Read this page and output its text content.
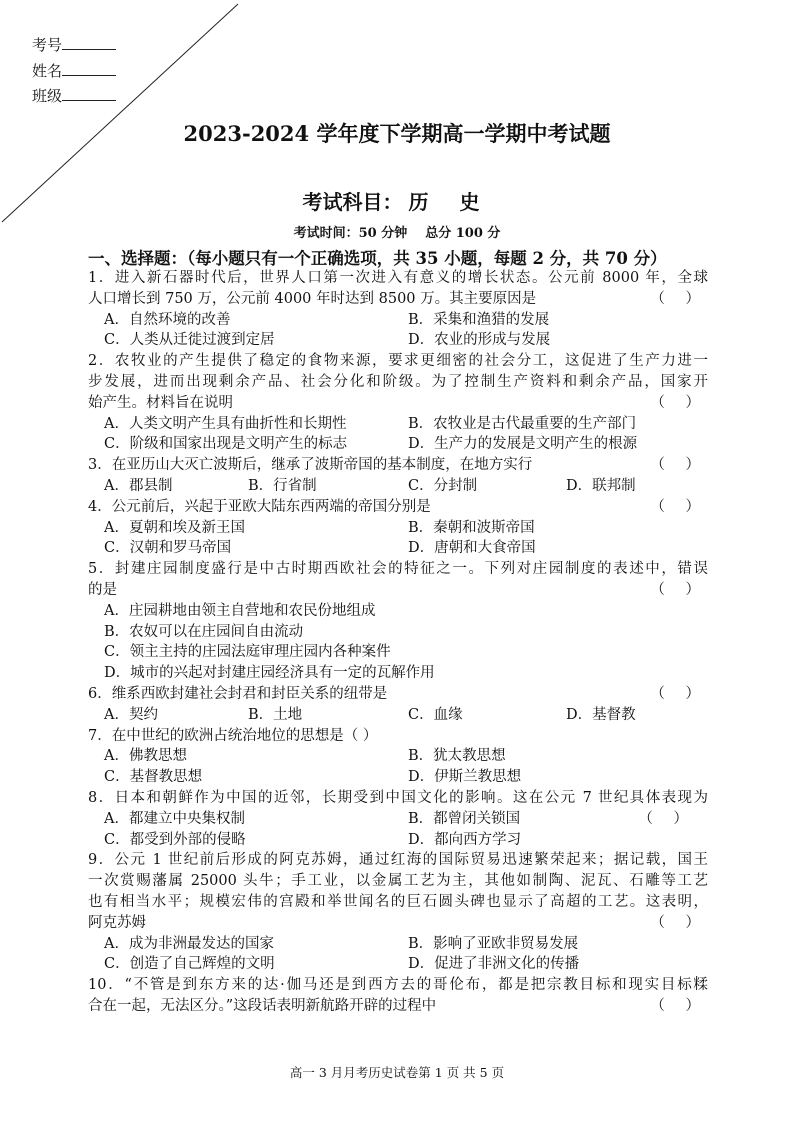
考号
姓名
班级
2023-2024 学年度下学期高一学期中考试题
考试科目： 历 史
考试时间：50 分钟 总分 100 分
一、选择题：（每小题只有一个正确选项，共 35 小题，每题 2 分，共 70 分）
1．进入新石器时代后，世界人口第一次进入有意义的增长状态。公元前 8000 年，全球
人口增长到 750 万，公元前 4000 年时达到 8500 万。其主要原因是	（ ）
A．自然环境的改善	B．采集和渔猎的发展
C．人类从迁徙过渡到定居	D．农业的形成与发展
2．农牧业的产生提供了稳定的食物来源，要求更细密的社会分工，这促进了生产力进一
步发展，进而出现剩余产品、社会分化和阶级。为了控制生产资料和剩余产品，国家开
始产生。材料旨在说明	（ ）
A．人类文明产生具有曲折性和长期性	B．农牧业是古代最重要的生产部门
C．阶级和国家出现是文明产生的标志	D．生产力的发展是文明产生的根源
3．在亚历山大灭亡波斯后，继承了波斯帝国的基本制度，在地方实行	（ ）
A．郡县制	B．行省制	C．分封制	D．联邦制
4．公元前后，兴起于亚欧大陆东西两端的帝国分别是	（ ）
A．夏朝和埃及新王国	B．秦朝和波斯帝国
C．汉朝和罗马帝国	D．唐朝和大食帝国
5．封建庄园制度盛行是中古时期西欧社会的特征之一。下列对庄园制度的表述中，错误
的是	（ ）
A．庄园耕地由领主自营地和农民份地组成
B．农奴可以在庄园间自由流动
C．领主主持的庄园法庭审理庄园内各种案件
D．城市的兴起对封建庄园经济具有一定的瓦解作用
6．维系西欧封建社会封君和封臣关系的纽带是	（ ）
A．契约	B．土地	C．血缘	D．基督教
7．在中世纪的欧洲占统治地位的思想是（ ）
A．佛教思想	B．犹太教思想
C．基督教思想	D．伊斯兰教思想
8．日本和朝鲜作为中国的近邻，长期受到中国文化的影响。这在公元 7 世纪具体表现为
A．都建立中央集权制	B．都曾闭关锁国	（ ）
C．都受到外部的侵略	D．都向西方学习
9．公元 1 世纪前后形成的阿克苏姆，通过红海的国际贸易迅速繁荣起来；据记载，国王
一次赏赐藩属 25000 头牛；手工业，以金属工艺为主，其他如制陶、泥瓦、石雕等工艺
也有相当水平；规模宏伟的宫殿和举世闻名的巨石圆头碑也显示了高超的工艺。这表明，
阿克苏姆	（ ）
A．成为非洲最发达的国家	B．影响了亚欧非贸易发展
C．创造了自己辉煌的文明	D．促进了非洲文化的传播
10．“不管是到东方来的达·伽马还是到西方去的哥伦布，都是把宗教目标和现实目标糅
合在一起，无法区分。”这段话表明新航路开辟的过程中	（ ）
高一 3 月月考历史试卷第 1 页 共 5 页
